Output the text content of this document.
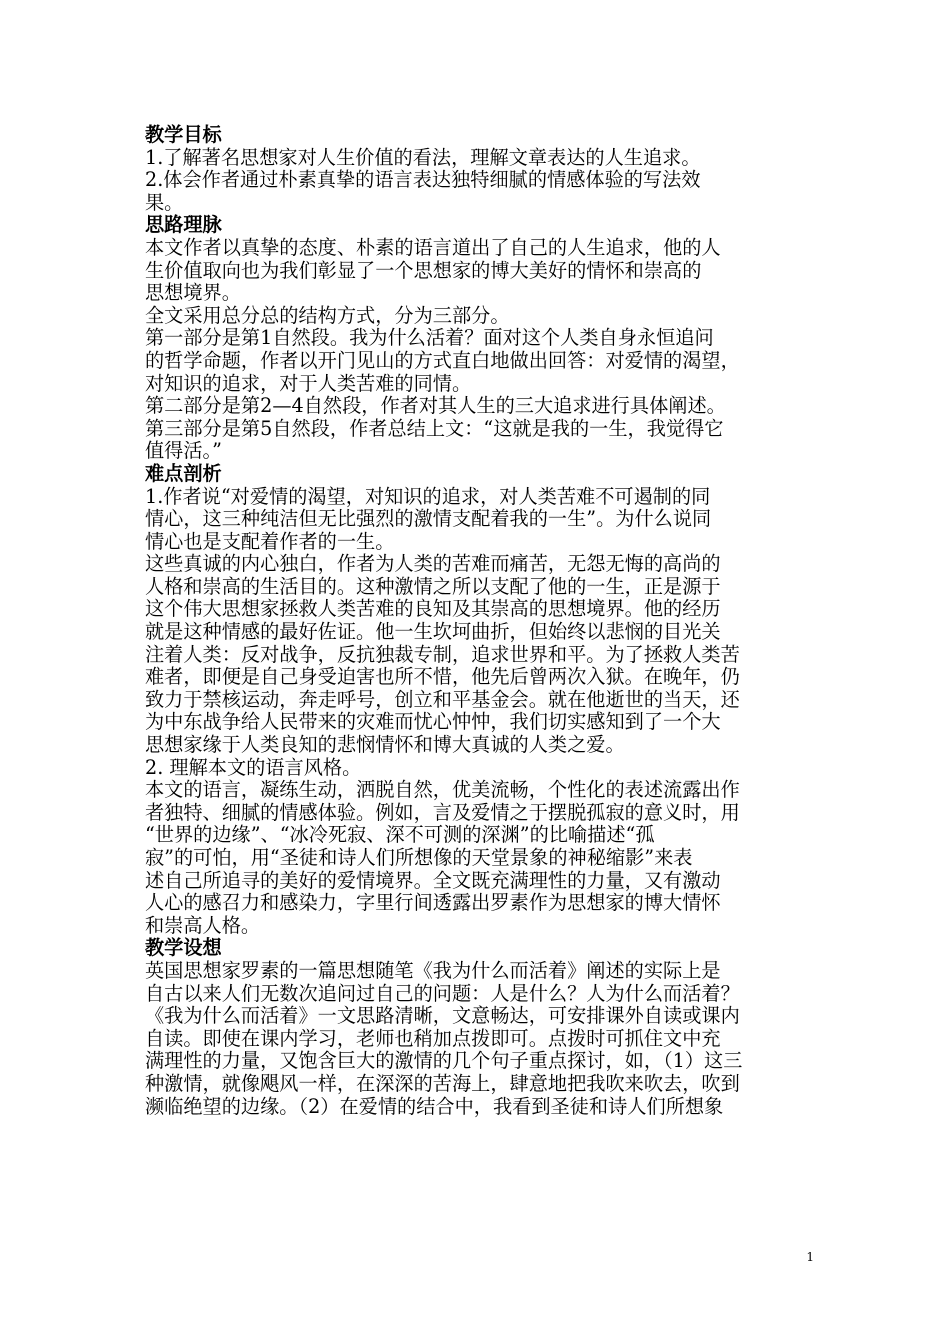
教学目标
1.了解著名思想家对人生价值的看法，理解文章表达的人生追求。
2.体会作者通过朴素真挚的语言表达独特细腻的情感体验的写法效
果。
思路理脉
本文作者以真挚的态度、朴素的语言道出了自己的人生追求，他的人
生价值取向也为我们彰显了一个思想家的博大美好的情怀和崇高的
思想境界。
全文采用总分总的结构方式，分为三部分。
第一部分是第1自然段。我为什么活着？面对这个人类自身永恒追问
的哲学命题，作者以开门见山的方式直白地做出回答：对爱情的渴望，
对知识的追求，对于人类苦难的同情。
第二部分是第2—4自然段，作者对其人生的三大追求进行具体阐述。
第三部分是第5自然段，作者总结上文：“这就是我的一生，我觉得它
值得活。”
难点剖析
1.作者说“对爱情的渴望，对知识的追求，对人类苦难不可遏制的同
情心，这三种纯洁但无比强烈的激情支配着我的一生”。为什么说同
情心也是支配着作者的一生。
这些真诚的内心独白，作者为人类的苦难而痛苦，无怨无悔的高尚的
人格和崇高的生活目的。这种激情之所以支配了他的一生，正是源于
这个伟大思想家拯救人类苦难的良知及其崇高的思想境界。他的经历
就是这种情感的最好佐证。他一生坎坷曲折，但始终以悲悯的目光关
注着人类：反对战争，反抗独裁专制，追求世界和平。为了拯救人类苦
难者，即便是自己身受迫害也所不惜，他先后曾两次入狱。在晚年，仍
致力于禁核运动，奔走呼号，创立和平基金会。就在他逝世的当天，还
为中东战争给人民带来的灾难而忧心忡忡，我们切实感知到了一个大
思想家缘于人类良知的悲悯情怀和博大真诚的人类之爱。
2. 理解本文的语言风格。
本文的语言，凝练生动，洒脱自然，优美流畅，个性化的表述流露出作
者独特、细腻的情感体验。例如，言及爱情之于摆脱孤寂的意义时，用
“世界的边缘”、“冰冷死寂、深不可测的深渊”的比喻描述“孤
寂”的可怕，用“圣徒和诗人们所想像的天堂景象的神秘缩影”来表
述自己所追寻的美好的爱情境界。全文既充满理性的力量，又有激动
人心的感召力和感染力，字里行间透露出罗素作为思想家的博大情怀
和崇高人格。
教学设想
英国思想家罗素的一篇思想随笔《我为什么而活着》阐述的实际上是
自古以来人们无数次追问过自己的问题：人是什么？人为什么而活着？
《我为什么而活着》一文思路清晰，文意畅达，可安排课外自读或课内
自读。即使在课内学习，老师也稍加点拨即可。点拨时可抓住文中充
满理性的力量，又饱含巨大的激情的几个句子重点探讨，如，（1）这三
种激情，就像飓风一样，在深深的苦海上，肆意地把我吹来吹去，吹到
濒临绝望的边缘。（2）在爱情的结合中，我看到圣徒和诗人们所想象
1
